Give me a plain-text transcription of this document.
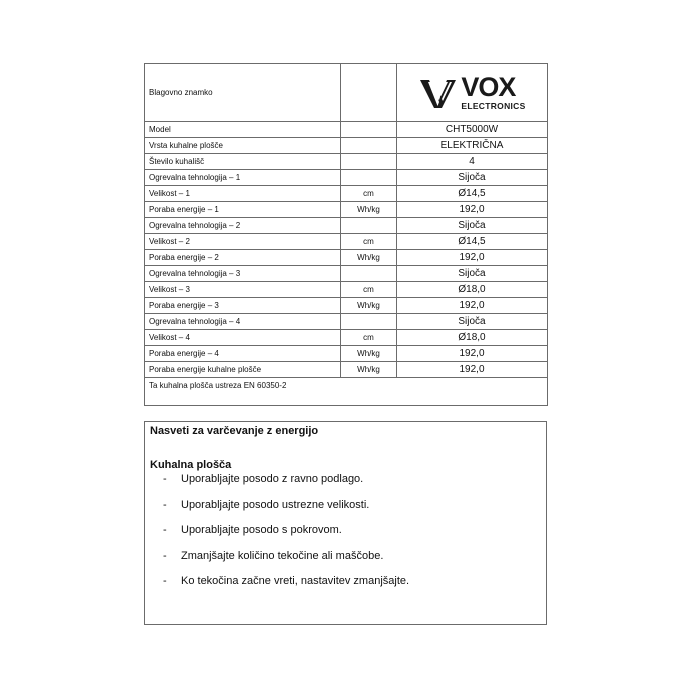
Blagovno znamko		VOX
ELECTRONICS

Model		CHT5000W
Vrsta kuhalne plošče		ELEKTRIČNA
Število kuhališč		4
Ogrevalna tehnologija – 1		Sijoča
Velikost – 1	cm	Ø14,5
Poraba energije – 1	Wh/kg	192,0
Ogrevalna tehnologija – 2		Sijoča
Velikost – 2	cm	Ø14,5
Poraba energije – 2	Wh/kg	192,0
Ogrevalna tehnologija – 3		Sijoča
Velikost – 3	cm	Ø18,0
Poraba energije – 3	Wh/kg	192,0
Ogrevalna tehnologija – 4		Sijoča
Velikost – 4	cm	Ø18,0
Poraba energije – 4	Wh/kg	192,0
Poraba energije kuhalne plošče	Wh/kg	192,0
Ta kuhalna plošča ustreza EN 60350-2		
Nasveti za varčevanje z energijo
Kuhalna plošča
-	Uporabljajte posodo z ravno podlago.
-	Uporabljajte posodo ustrezne velikosti.
-	Uporabljajte posodo s pokrovom.
-	Zmanjšajte količino tekočine ali maščobe.
-	Ko tekočina začne vreti, nastavitev zmanjšajte.
